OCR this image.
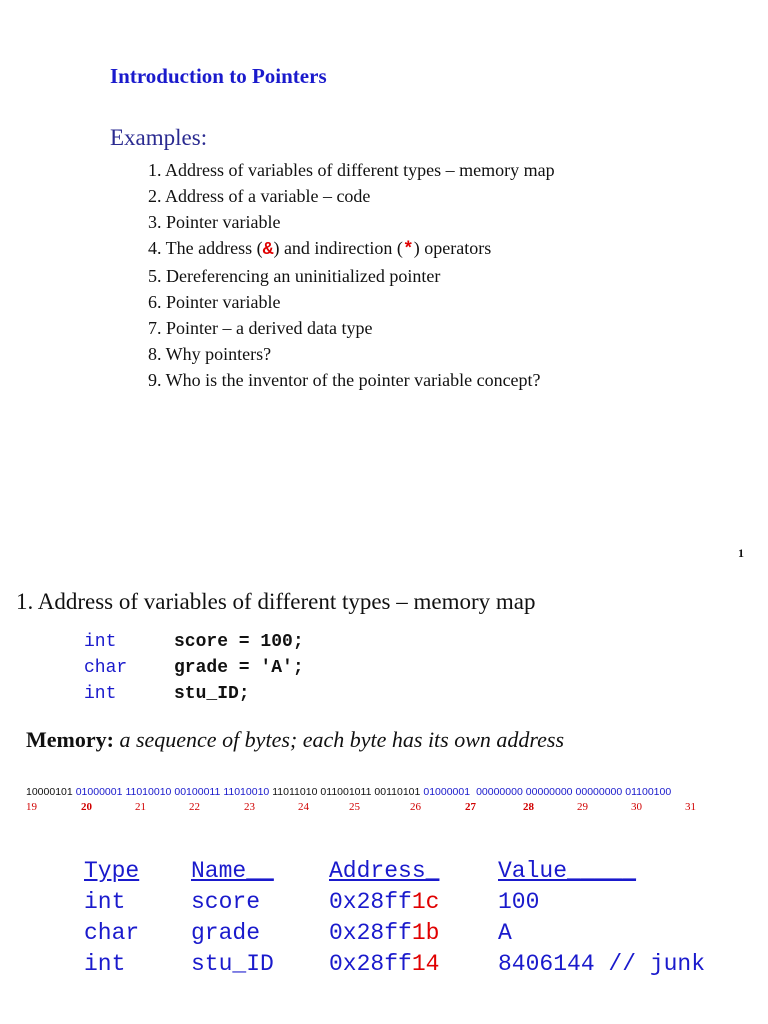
Introduction to Pointers
Examples:
1. Address of variables of different types – memory map
2. Address of a variable – code
3. Pointer variable
4. The address (&) and indirection (*) operators
5. Dereferencing an uninitialized pointer
6. Pointer variable
7. Pointer – a derived data type
8. Why pointers?
9. Who is the inventor of the pointer variable concept?
1
1. Address of variables of different types – memory map
int	score = 100;
char	grade = 'A';
int	stu_ID;
Memory: a sequence of bytes; each byte has its own address
10000101 01000001 11010010 00100011 11010010 11011010 011001011 00110101 01000001 00000000 00000000 00000000 01100100
19	20	21	22	23	24	25	26	27	28	29	30	31
Type Name__ Address_	Value_____
int	score	0x28ff1c	100
char grade	0x28ff1b	A
int	stu_ID 0x28ff14	8406144 // junk
